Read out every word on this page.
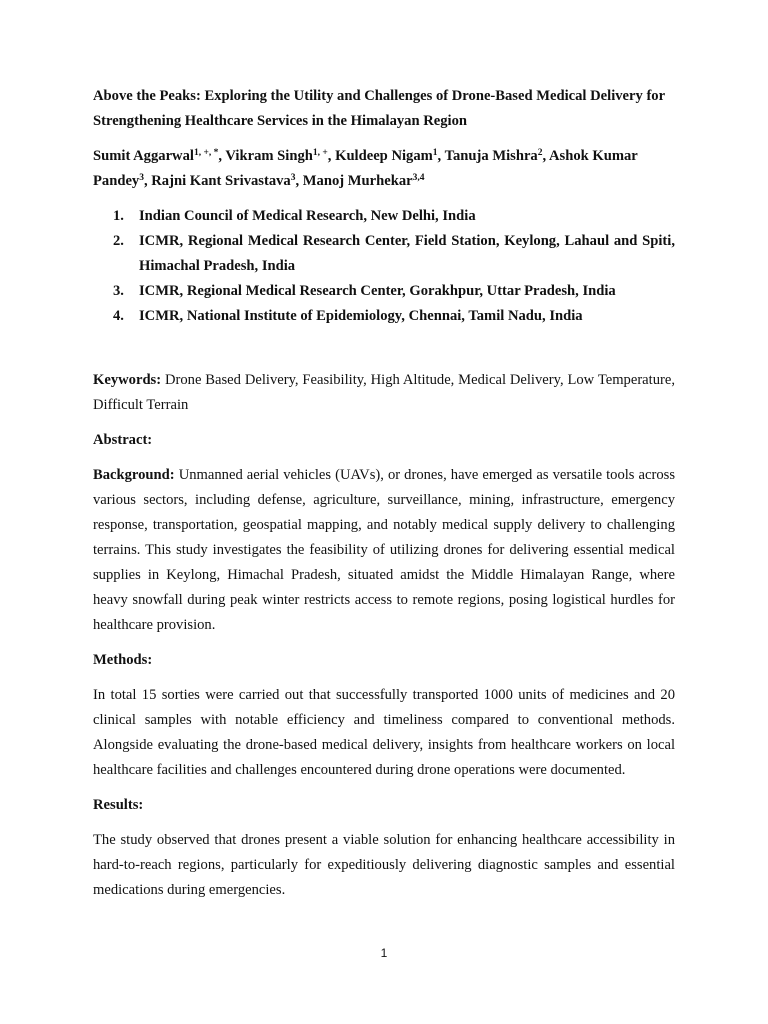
Above the Peaks: Exploring the Utility and Challenges of Drone-Based Medical Delivery for Strengthening Healthcare Services in the Himalayan Region

Sumit Aggarwal$^{1, +, *}$, Vikram Singh$^{1, +}$, Kuldeep Nigam$^1$, Tanuja Mishra$^2$, Ashok Kumar Pandey$^3$, Rajni Kant Srivastava$^3$, Manoj Murhekar$^{3,4}$

1.	Indian Council of Medical Research, New Delhi, India
2.	ICMR, Regional Medical Research Center, Field Station, Keylong, Lahaul and Spiti, Himachal Pradesh, India
3.	ICMR, Regional Medical Research Center, Gorakhpur, Uttar Pradesh, India
4.	ICMR, National Institute of Epidemiology, Chennai, Tamil Nadu, India

Keywords: Drone Based Delivery, Feasibility, High Altitude, Medical Delivery, Low Temperature, Difficult Terrain

Abstract:

Background: Unmanned aerial vehicles (UAVs), or drones, have emerged as versatile tools across various sectors, including defense, agriculture, surveillance, mining, infrastructure, emergency response, transportation, geospatial mapping, and notably medical supply delivery to challenging terrains. This study investigates the feasibility of utilizing drones for delivering essential medical supplies in Keylong, Himachal Pradesh, situated amidst the Middle Himalayan Range, where heavy snowfall during peak winter restricts access to remote regions, posing logistical hurdles for healthcare provision.

Methods:

In total 15 sorties were carried out that successfully transported 1000 units of medicines and 20 clinical samples with notable efficiency and timeliness compared to conventional methods. Alongside evaluating the drone-based medical delivery, insights from healthcare workers on local healthcare facilities and challenges encountered during drone operations were documented.

Results:

The study observed that drones present a viable solution for enhancing healthcare accessibility in hard-to-reach regions, particularly for expeditiously delivering diagnostic samples and essential medications during emergencies.

1
